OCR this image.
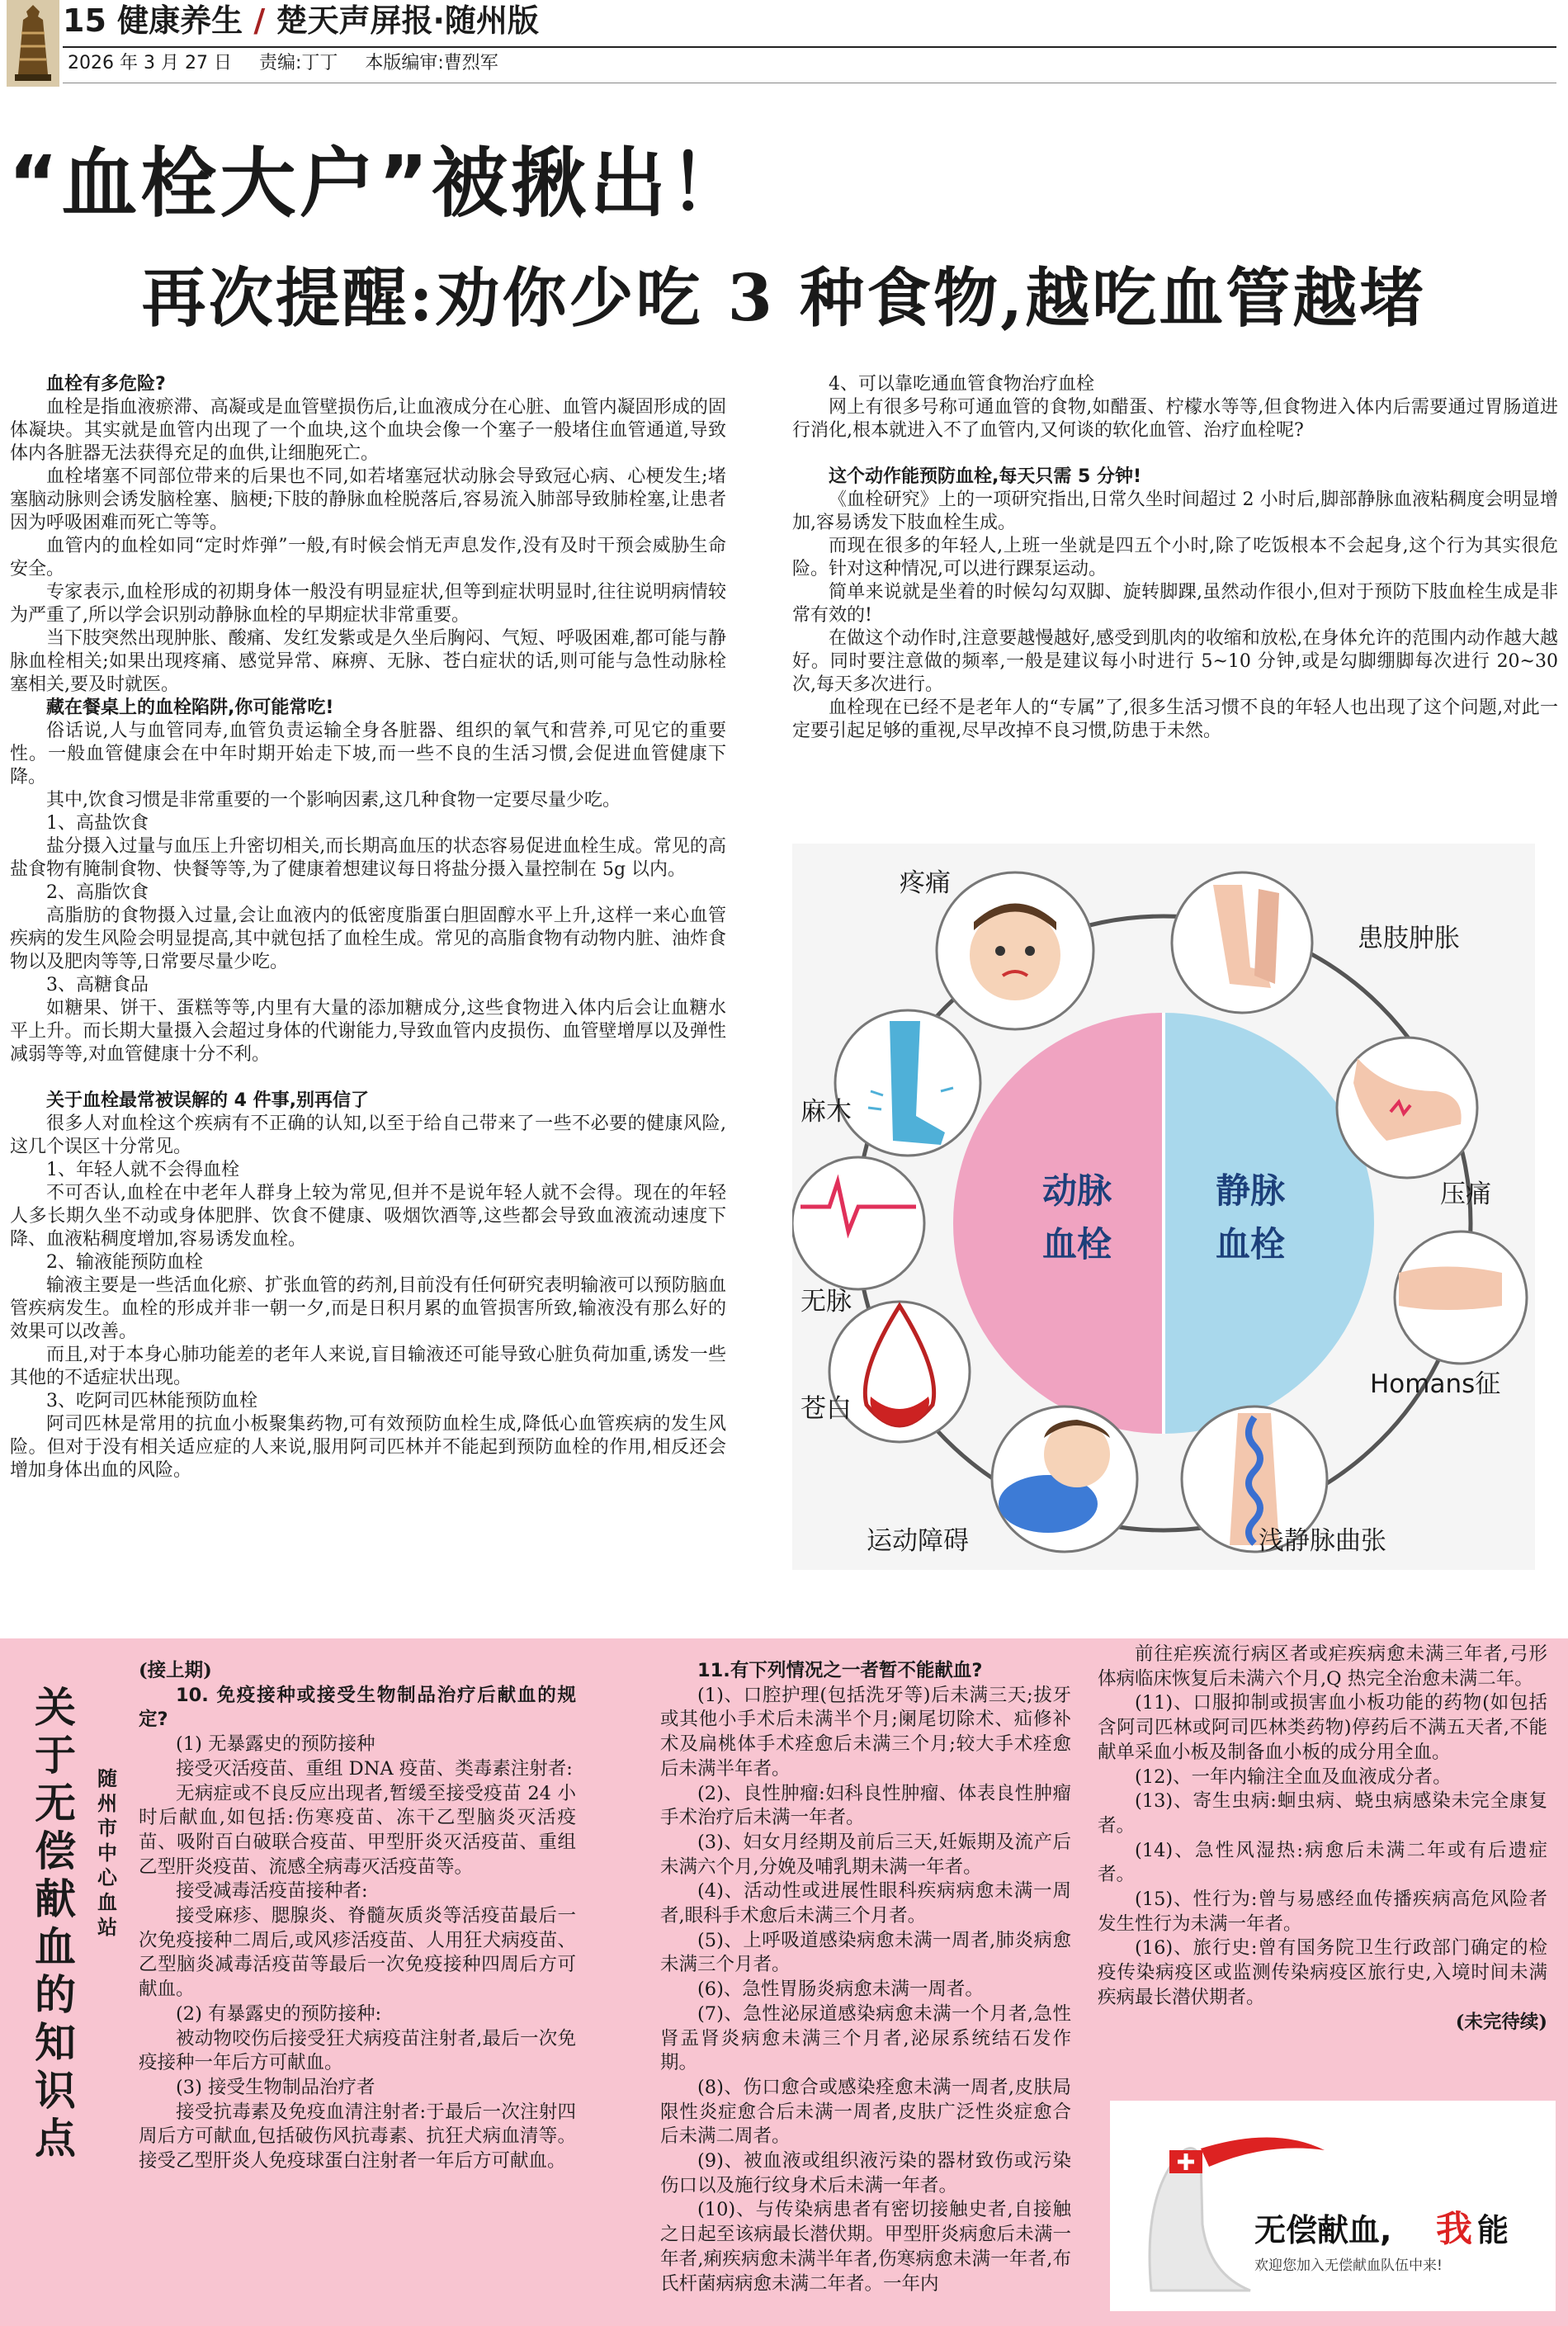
15 健康养生 / 楚天声屏报·随州版
2026 年 3 月 27 日 责编:丁丁 本版编审:曹烈军
“血栓大户”被揪出！
再次提醒:劝你少吃 3 种食物,越吃血管越堵

血栓有多危险?

血栓是指血液瘀滞、高凝或是血管壁损伤后,让血液成分在心脏、血管内凝固形成的固体凝块。其实就是血管内出现了一个血块,这个血块会像一个塞子一般堵住血管通道,导致体内各脏器无法获得充足的血供,让细胞死亡。

血栓堵塞不同部位带来的后果也不同,如若堵塞冠状动脉会导致冠心病、心梗发生;堵塞脑动脉则会诱发脑栓塞、脑梗;下肢的静脉血栓脱落后,容易流入肺部导致肺栓塞,让患者因为呼吸困难而死亡等等。

血管内的血栓如同“定时炸弹”一般,有时候会悄无声息发作,没有及时干预会威胁生命安全。

专家表示,血栓形成的初期身体一般没有明显症状,但等到症状明显时,往往说明病情较为严重了,所以学会识别动静脉血栓的早期症状非常重要。

当下肢突然出现肿胀、酸痛、发红发紫或是久坐后胸闷、气短、呼吸困难,都可能与静脉血栓相关;如果出现疼痛、感觉异常、麻痹、无脉、苍白症状的话,则可能与急性动脉栓塞相关,要及时就医。

藏在餐桌上的血栓陷阱,你可能常吃!

俗话说,人与血管同寿,血管负责运输全身各脏器、组织的氧气和营养,可见它的重要性。一般血管健康会在中年时期开始走下坡,而一些不良的生活习惯,会促进血管健康下降。

其中,饮食习惯是非常重要的一个影响因素,这几种食物一定要尽量少吃。

1、高盐饮食

盐分摄入过量与血压上升密切相关,而长期高血压的状态容易促进血栓生成。常见的高盐食物有腌制食物、快餐等等,为了健康着想建议每日将盐分摄入量控制在 5g 以内。

2、高脂饮食

高脂肪的食物摄入过量,会让血液内的低密度脂蛋白胆固醇水平上升,这样一来心血管疾病的发生风险会明显提高,其中就包括了血栓生成。常见的高脂食物有动物内脏、油炸食物以及肥肉等等,日常要尽量少吃。

3、高糖食品

如糖果、饼干、蛋糕等等,内里有大量的添加糖成分,这些食物进入体内后会让血糖水平上升。而长期大量摄入会超过身体的代谢能力,导致血管内皮损伤、血管壁增厚以及弹性减弱等等,对血管健康十分不利。

关于血栓最常被误解的 4 件事,别再信了

很多人对血栓这个疾病有不正确的认知,以至于给自己带来了一些不必要的健康风险,这几个误区十分常见。

1、年轻人就不会得血栓

不可否认,血栓在中老年人群身上较为常见,但并不是说年轻人就不会得。现在的年轻人多长期久坐不动或身体肥胖、饮食不健康、吸烟饮酒等,这些都会导致血液流动速度下降、血液粘稠度增加,容易诱发血栓。

2、输液能预防血栓

输液主要是一些活血化瘀、扩张血管的药剂,目前没有任何研究表明输液可以预防脑血管疾病发生。血栓的形成并非一朝一夕,而是日积月累的血管损害所致,输液没有那么好的效果可以改善。

而且,对于本身心肺功能差的老年人来说,盲目输液还可能导致心脏负荷加重,诱发一些其他的不适症状出现。

3、吃阿司匹林能预防血栓

阿司匹林是常用的抗血小板聚集药物,可有效预防血栓生成,降低心血管疾病的发生风险。但对于没有相关适应症的人来说,服用阿司匹林并不能起到预防血栓的作用,相反还会增加身体出血的风险。

4、可以靠吃通血管食物治疗血栓

网上有很多号称可通血管的食物,如醋蛋、柠檬水等等,但食物进入体内后需要通过胃肠道进行消化,根本就进入不了血管内,又何谈的软化血管、治疗血栓呢?

这个动作能预防血栓,每天只需 5 分钟!

《血栓研究》上的一项研究指出,日常久坐时间超过 2 小时后,脚部静脉血液粘稠度会明显增加,容易诱发下肢血栓生成。

而现在很多的年轻人,上班一坐就是四五个小时,除了吃饭根本不会起身,这个行为其实很危险。针对这种情况,可以进行踝泵运动。

简单来说就是坐着的时候勾勾双脚、旋转脚踝,虽然动作很小,但对于预防下肢血栓生成是非常有效的!

在做这个动作时,注意要越慢越好,感受到肌肉的收缩和放松,在身体允许的范围内动作越大越好。同时要注意做的频率,一般是建议每小时进行 5~10 分钟,或是勾脚绷脚每次进行 20~30 次,每天多次进行。

血栓现在已经不是老年人的“专属”了,很多生活习惯不良的年轻人也出现了这个问题,对此一定要引起足够的重视,尽早改掉不良习惯,防患于未然。

动脉
血栓
静脉
血栓
疼痛
患肢肿胀
麻木
压痛
无脉
Homans征
苍白
运动障碍	浅静脉曲张
关于无偿献血的知识点
随州市中心血站

(接上期)

10. 免疫接种或接受生物制品治疗后献血的规定?

(1) 无暴露史的预防接种

接受灭活疫苗、重组 DNA 疫苗、类毒素注射者:

无病症或不良反应出现者,暂缓至接受疫苗 24 小时后献血,如包括:伤寒疫苗、冻干乙型脑炎灭活疫苗、吸附百白破联合疫苗、甲型肝炎灭活疫苗、重组乙型肝炎疫苗、流感全病毒灭活疫苗等。

接受减毒活疫苗接种者:

接受麻疹、腮腺炎、脊髓灰质炎等活疫苗最后一次免疫接种二周后,或风疹活疫苗、人用狂犬病疫苗、乙型脑炎减毒活疫苗等最后一次免疫接种四周后方可献血。

(2) 有暴露史的预防接种:

被动物咬伤后接受狂犬病疫苗注射者,最后一次免疫接种一年后方可献血。

(3) 接受生物制品治疗者

接受抗毒素及免疫血清注射者:于最后一次注射四周后方可献血,包括破伤风抗毒素、抗狂犬病血清等。接受乙型肝炎人免疫球蛋白注射者一年后方可献血。

11.有下列情况之一者暂不能献血?

(1)、口腔护理(包括洗牙等)后未满三天;拔牙或其他小手术后未满半个月;阑尾切除术、疝修补术及扁桃体手术痊愈后未满三个月;较大手术痊愈后未满半年者。

(2)、良性肿瘤:妇科良性肿瘤、体表良性肿瘤手术治疗后未满一年者。

(3)、妇女月经期及前后三天,妊娠期及流产后未满六个月,分娩及哺乳期未满一年者。

(4)、活动性或进展性眼科疾病病愈未满一周者,眼科手术愈后未满三个月者。

(5)、上呼吸道感染病愈未满一周者,肺炎病愈未满三个月者。

(6)、急性胃肠炎病愈未满一周者。

(7)、急性泌尿道感染病愈未满一个月者,急性肾盂肾炎病愈未满三个月者,泌尿系统结石发作期。

(8)、伤口愈合或感染痊愈未满一周者,皮肤局限性炎症愈合后未满一周者,皮肤广泛性炎症愈合后未满二周者。

(9)、被血液或组织液污染的器材致伤或污染伤口以及施行纹身术后未满一年者。

(10)、与传染病患者有密切接触史者,自接触之日起至该病最长潜伏期。甲型肝炎病愈后未满一年者,痢疾病愈未满半年者,伤寒病愈未满一年者,布氏杆菌病病愈未满二年者。一年内

前往疟疾流行病区者或疟疾病愈未满三年者,弓形体病临床恢复后未满六个月,Q 热完全治愈未满二年。

(11)、口服抑制或损害血小板功能的药物(如包括含阿司匹林或阿司匹林类药物)停药后不满五天者,不能献单采血小板及制备血小板的成分用全血。

(12)、一年内输注全血及血液成分者。

(13)、寄生虫病:蛔虫病、蛲虫病感染未完全康复者。

(14)、急性风湿热:病愈后未满二年或有后遗症者。

(15)、性行为:曾与易感经血传播疾病高危风险者发生性行为未满一年者。

(16)、旅行史:曾有国务院卫生行政部门确定的检疫传染病疫区或监测传染病疫区旅行史,入境时间未满疾病最长潜伏期者。

(未完待续)

无偿献血, 我 能
欢迎您加入无偿献血队伍中来!
